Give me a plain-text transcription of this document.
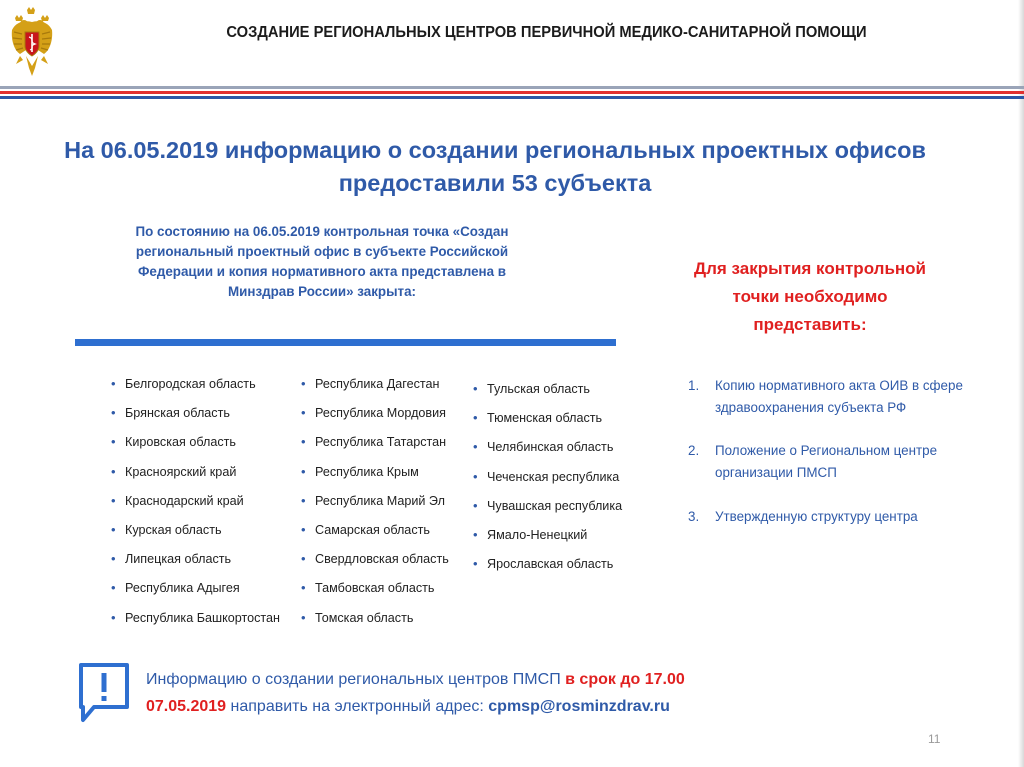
СОЗДАНИЕ РЕГИОНАЛЬНЫХ ЦЕНТРОВ ПЕРВИЧНОЙ МЕДИКО-САНИТАРНОЙ ПОМОЩИ
На 06.05.2019 информацию о создании региональных проектных офисов
предоставили 53 субъекта
По состоянию на 06.05.2019 контрольная точка «Создан региональный проектный офис в субъекте Российской Федерации и копия нормативного акта представлена в Минздрав России» закрыта:
• Белгородская область
• Брянская область
• Кировская область
• Красноярский край
• Краснодарский край
• Курская область
• Липецкая область
• Республика Адыгея
• Республика Башкортостан
• Республика Дагестан
• Республика Мордовия
• Республика Татарстан
• Республика Крым
• Республика Марий Эл
• Самарская область
• Свердловская область
• Тамбовская область
• Томская область
• Тульская область
• Тюменская область
• Челябинская область
• Чеченская республика
• Чувашская республика
• Ямало-Ненецкий
• Ярославская область
Для закрытия контрольной
точки необходимо
представить:
1. Копию нормативного акта ОИВ в сфере здравоохранения субъекта РФ
2. Положение о Региональном центре организации ПМСП
3. Утвержденную структуру центра
Информацию о создании региональных центров ПМСП в срок до 17.00
07.05.2019 направить на электронный адрес: cpmsp@rosminzdrav.ru
11
